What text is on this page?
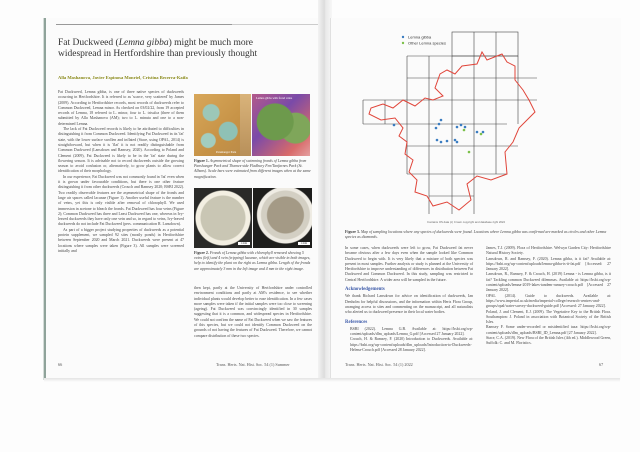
Fat Duckweed (Lemna gibba) might be much more widespread in Hertfordshire than previously thought
Alla Mashanova, Javier Espinosa Monriel, Cristina Becerra-Kaifa

Fat Duckweed, Lemna gibba, is one of three native species of duckweeds occurring in Hertfordshire. It is referred to as 'scarce, very scattered' by James (2009). According to Hertfordshire records, most records of duckweeds refer to Common Duckweed, Lemna minor. As checked on 03/02/22, from 19 accepted records of Lemna, 18 referred to L. minor, four to L. trisulca (three of them submitted by Alla Mashanova (AM); two to L. minuta and one to a non-determined Lemna.

The lack of Fat Duckweed records is likely to be attributed to difficulties in distinguishing it from Common Duckweed. Identifying Fat Duckweed in its 'fat' state, with the lower surface swollen and inflated (Stace, using OPAL, 2014) is straightforward, but when it is 'flat' it is not readily distinguishable from Common Duckweed (Lansdown and Ramsey, 2020). According to Poland and Clement (2009), Fat Duckweed is likely to be in the 'fat' state during the flowering season. It is advisable not to record duckweeds outside the growing season to avoid confusion or, alternatively, to grow plants to allow correct identification of their morphology.

In our experience, Fat Duckweed was not commonly found in 'fat' even when it is grown under favourable conditions, but there is one other feature distinguishing it from other duckweeds (Crouch and Ramsey 2020; BSBI 2022). Two readily observable features are the asymmetrical shape of the fronds and large air spaces called lacunae (Figure 1). Another useful feature is the number of veins, yet this is only visible after removal of chlorophyll. We used immersion in acetone to bleach the fronds. Fat Duckweed has four veins (Figure 2); Common Duckweed has three and Least Duckweed has one, whereas in Ivy-leaved duckweeds they have only one vein and so, in regard to veins, Ivy-leaved duckweeds do not include Fat Duckweed (pers. communication R. Lansdown).

As part of a bigger project studying properties of duckweeds as a potential protein supplement, we sampled 92 sites (mostly ponds) in Hertfordshire between September 2020 and March 2021. Duckweeds were present at 47 locations where samples were taken (Figure 3). All samples were screened initially and

Panshanger Park
Lemna gibba with frond veins
Figure 1. Asymmetrical shape of swimming fronds of Lemna gibba from Panshanger Park and Thames-side Fladbury Fen/Tanfarnes Park (St. Albans). Scale bars were estimated from different images when at the same magnification.
1 mm	1 mm
Figure 2. Fronds of Lemna gibba with chlorophyll removed showing 5 veins (left) and 4 vein (tripping) lacunae, which are visible in both images, help to identify the plant on the right as Lemna gibba. Length of the fronds are approximately 3 mm in the left image and 4 mm in the right image.

then kept, partly at the University of Hertfordshire under controlled environment conditions and partly at AM's residence, to see whether individual plants would develop better to ease identification. In a few cases more samples were taken if the initial samples were too close to screening (ageing). Fat Duckweed was convincingly identified in 30 samples suggesting that it is a common, and widespread species in Hertfordshire. We could not confirm the name of Fat Duckweed when we saw the features of this species, but we could not identify Common Duckweed on the grounds of not having the features of Fat Duckweed. Therefore, we cannot compare distribution of these two species.

66	Trans. Herts. Nat. Hist. Soc. 54 (1) Summer
Lemna gibba
Other Lemna species
Contains OS data (c) Crown copyright and database right 2022
Figure 3. Map of sampling locations where any species of duckweeds were found. Locations where Lemna gibba was confirmed are marked as circles and other Lemna species as diamonds.

In some cases, when duckweeds were left to grow, Fat Duckweed fat never became obvious after a few days even when the sample looked like Common Duckweed to begin with. It is very likely that a mixture of both species was present in most samples. Further analysis or study is planned at the University of Hertfordshire to improve understanding of differences in distribution between Fat Duckweed and Common Duckweed. In this study, sampling was restricted to Central Hertfordshire. A wider area will be sampled in the future.

Acknowledgements

We thank Richard Lansdown for advice on identification of duckweeds, Ian Denholm for helpful discussions, and the information within Herts Flora Group, arranging access to sites and commenting on the manuscript, and all naturalists who alerted us to duckweed presence in their local water bodies.

References

BSBI (2022). Lemna G.B. Available at: https://bsbi.org/wp-content/uploads/dlm_uploads/Lemna_G.pdf [Accessed 27 January 2022].

Crouch, H. & Ramsey, F. (2020) Introduction to Duckweeds. Available at: https://bsbi.org/wp-content/uploads/dlm_uploads/Introduction-to-Duckweeds-Helena-Crouch.pdf [Accessed 28 January 2022].

James, T.J. (2009). Flora of Hertfordshire. Welwyn Garden City: Hertfordshire Natural History Society.

Lansdown, R. and Ramsey, F. (2020). Lemna gibba, is it fat? Available at: https://bsbi.org/wp-content/uploads/lemna-gibba-is-it-fat.pdf [Accessed: 27 January 2022].

Lansdown, R., Ramsey, F. & Crouch, H. (2019) Lemna - is Lemna gibba, is it fat? Tackling common Duckweed dilemmas. Available at: https://bsbi.org/wp-content/uploads/lemna-2019-lakes-tandem-ramsey-crouch.pdf [Accessed 27 January 2022].

OPAL (2014). Guide to duckweeds. Available at: https://www.imperial.ac.uk/media/imperial-college/research-centres-and-groups/opal/water-survey-duckweed-guide.pdf [Accessed: 27 January 2022].

Poland, J. and Clement, E.J. (2009). The Vegetative Key to the British Flora. Southampton: J. Poland in association with Botanical Society of the British Isles.

Ramsey F. Some under-recorded or misidentified taxa: https://bsbi.org/wp-content/uploads/dlm_uploads/BSBI_ID_Lemna.pdf [27 January 2022].

Stace, C.A. (2019). New Flora of the British Isles (4th ed.). Middlewood Green, Suffolk: C. and M. Floristics.

Trans. Herts. Nat. Hist. Soc. 54 (1) 2022	67
